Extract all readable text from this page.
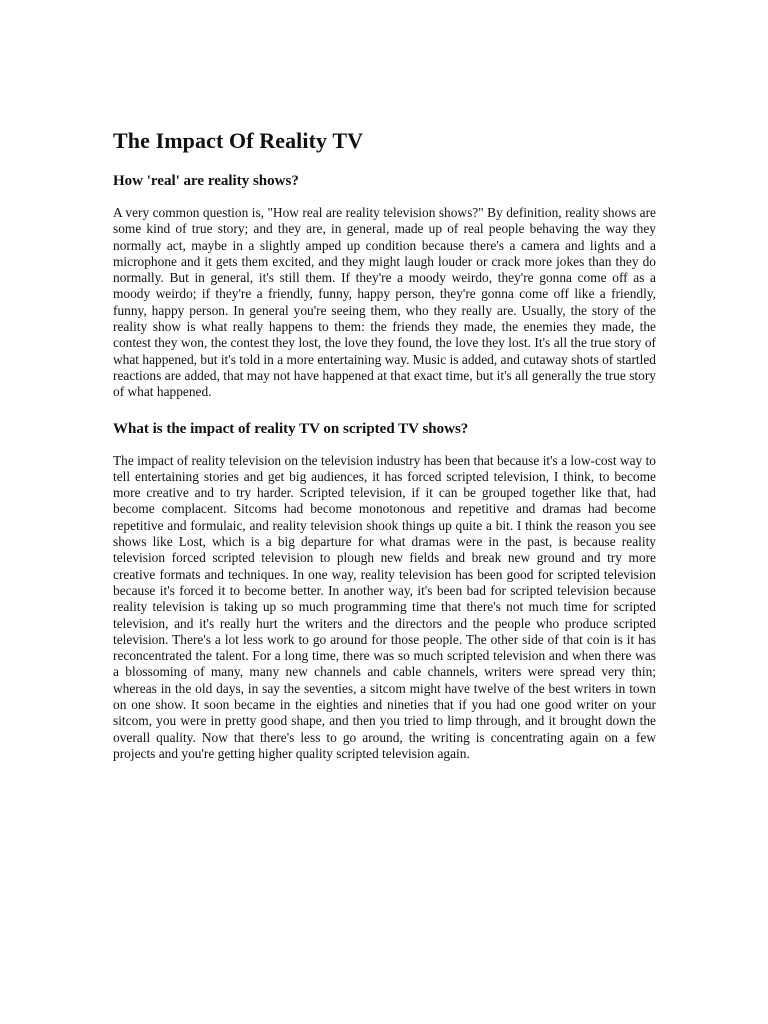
The Impact Of Reality TV
How 'real' are reality shows?

A very common question is, "How real are reality television shows?" By definition, reality shows are some kind of true story; and they are, in general, made up of real people behaving the way they normally act, maybe in a slightly amped up condition because there's a camera and lights and a microphone and it gets them excited, and they might laugh louder or crack more jokes than they do normally. But in general, it's still them. If they're a moody weirdo, they're gonna come off as a moody weirdo; if they're a friendly, funny, happy person, they're gonna come off like a friendly, funny, happy person. In general you're seeing them, who they really are. Usually, the story of the reality show is what really happens to them: the friends they made, the enemies they made, the contest they won, the contest they lost, the love they found, the love they lost. It's all the true story of what happened, but it's told in a more entertaining way. Music is added, and cutaway shots of startled reactions are added, that may not have happened at that exact time, but it's all generally the true story of what happened.

What is the impact of reality TV on scripted TV shows?

The impact of reality television on the television industry has been that because it's a low-cost way to tell entertaining stories and get big audiences, it has forced scripted television, I think, to become more creative and to try harder. Scripted television, if it can be grouped together like that, had become complacent. Sitcoms had become monotonous and repetitive and dramas had become repetitive and formulaic, and reality television shook things up quite a bit. I think the reason you see shows like Lost, which is a big departure for what dramas were in the past, is because reality television forced scripted television to plough new fields and break new ground and try more creative formats and techniques. In one way, reality television has been good for scripted television because it's forced it to become better. In another way, it's been bad for scripted television because reality television is taking up so much programming time that there's not much time for scripted television, and it's really hurt the writers and the directors and the people who produce scripted television. There's a lot less work to go around for those people. The other side of that coin is it has reconcentrated the talent. For a long time, there was so much scripted television and when there was a blossoming of many, many new channels and cable channels, writers were spread very thin; whereas in the old days, in say the seventies, a sitcom might have twelve of the best writers in town on one show. It soon became in the eighties and nineties that if you had one good writer on your sitcom, you were in pretty good shape, and then you tried to limp through, and it brought down the overall quality. Now that there's less to go around, the writing is concentrating again on a few projects and you're getting higher quality scripted television again.
